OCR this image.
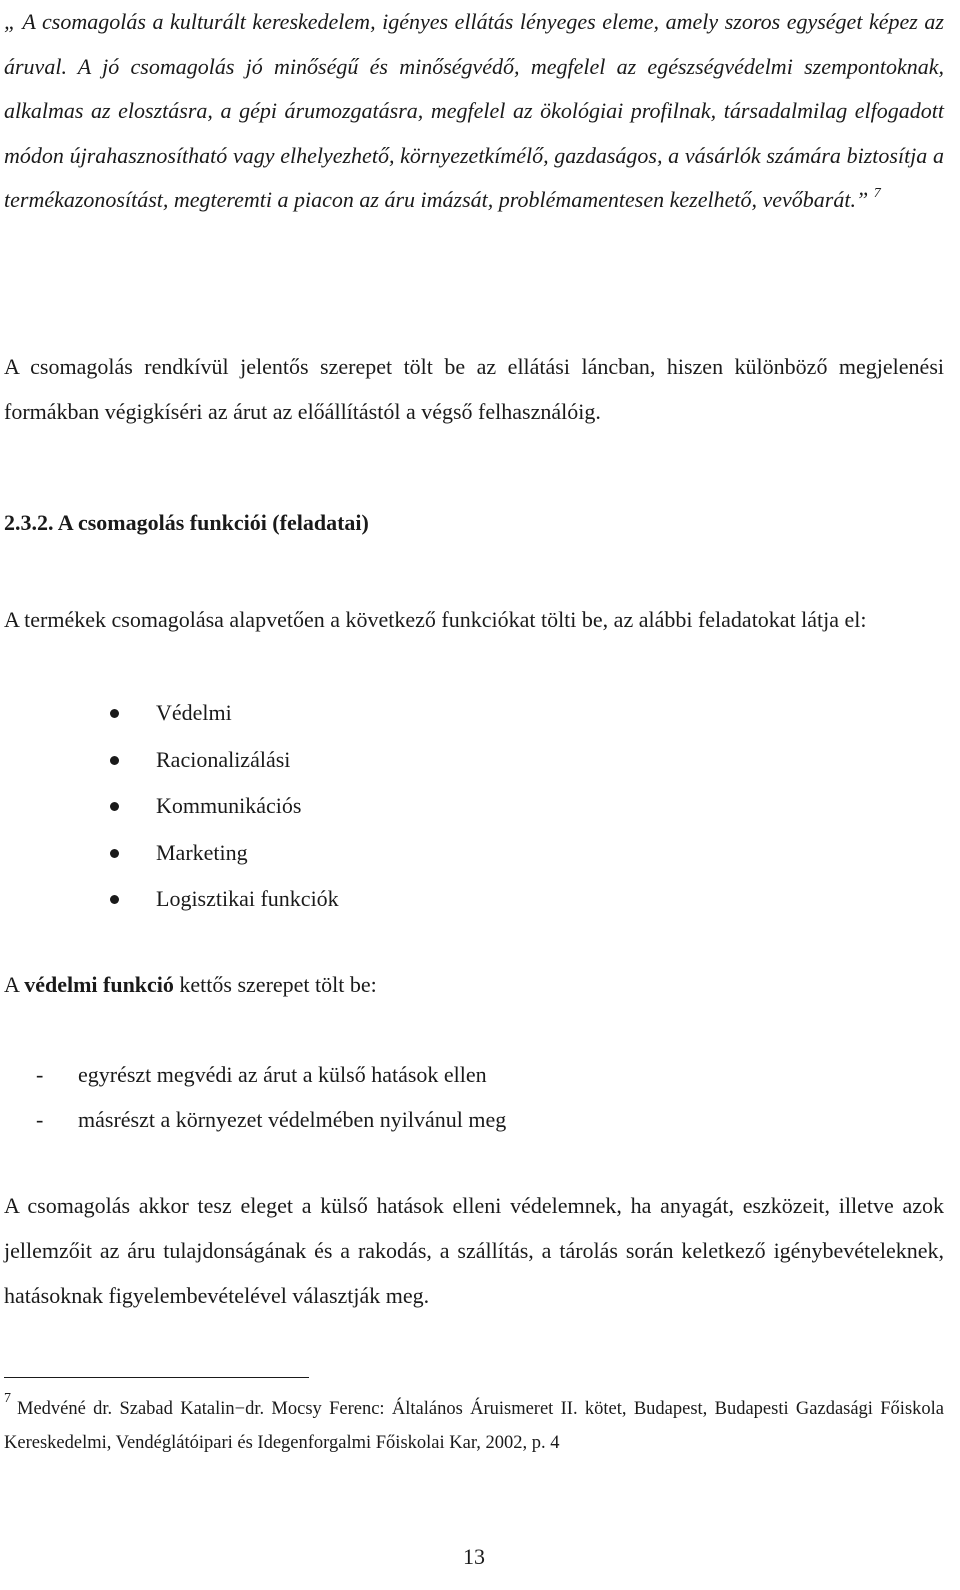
„ A csomagolás a kulturált kereskedelem, igényes ellátás lényeges eleme, amely szoros egységet képez az áruval. A jó csomagolás jó minőségű és minőségvédő, megfelel az egészségvédelmi szempontoknak, alkalmas az elosztásra, a gépi árumozgatásra, megfelel az ökológiai profilnak, társadalmilag elfogadott módon újrahasznosítható vagy elhelyezhető, környezetkímélő, gazdaságos, a vásárlók számára biztosítja a termékazonosítást, megteremti a piacon az áru imázsát, problémamentesen kezelhető, vevőbarát.” $^7$

A csomagolás rendkívül jelentős szerepet tölt be az ellátási láncban, hiszen különböző megjelenési formákban végigkíséri az árut az előállítástól a végső felhasználóig.

2.3.2. A csomagolás funkciói (feladatai)

A termékek csomagolása alapvetően a következő funkciókat tölti be, az alábbi feladatokat látja el:

Védelmi
Racionalizálási
Kommunikációs
Marketing
Logisztikai funkciók

A védelmi funkció kettős szerepet tölt be:

- egyrészt megvédi az árut a külső hatások ellen
- másrészt a környezet védelmében nyilvánul meg

A csomagolás akkor tesz eleget a külső hatások elleni védelemnek, ha anyagát, eszközeit, illetve azok jellemzőit az áru tulajdonságának és a rakodás, a szállítás, a tárolás során keletkező igénybevételeknek, hatásoknak figyelembevételével választják meg.

$^7$Medvéné dr. Szabad Katalin−dr. Mocsy Ferenc: Általános Áruismeret II. kötet, Budapest, Budapesti Gazdasági Főiskola Kereskedelmi, Vendéglátóipari és Idegenforgalmi Főiskolai Kar, 2002, p. 4

13
